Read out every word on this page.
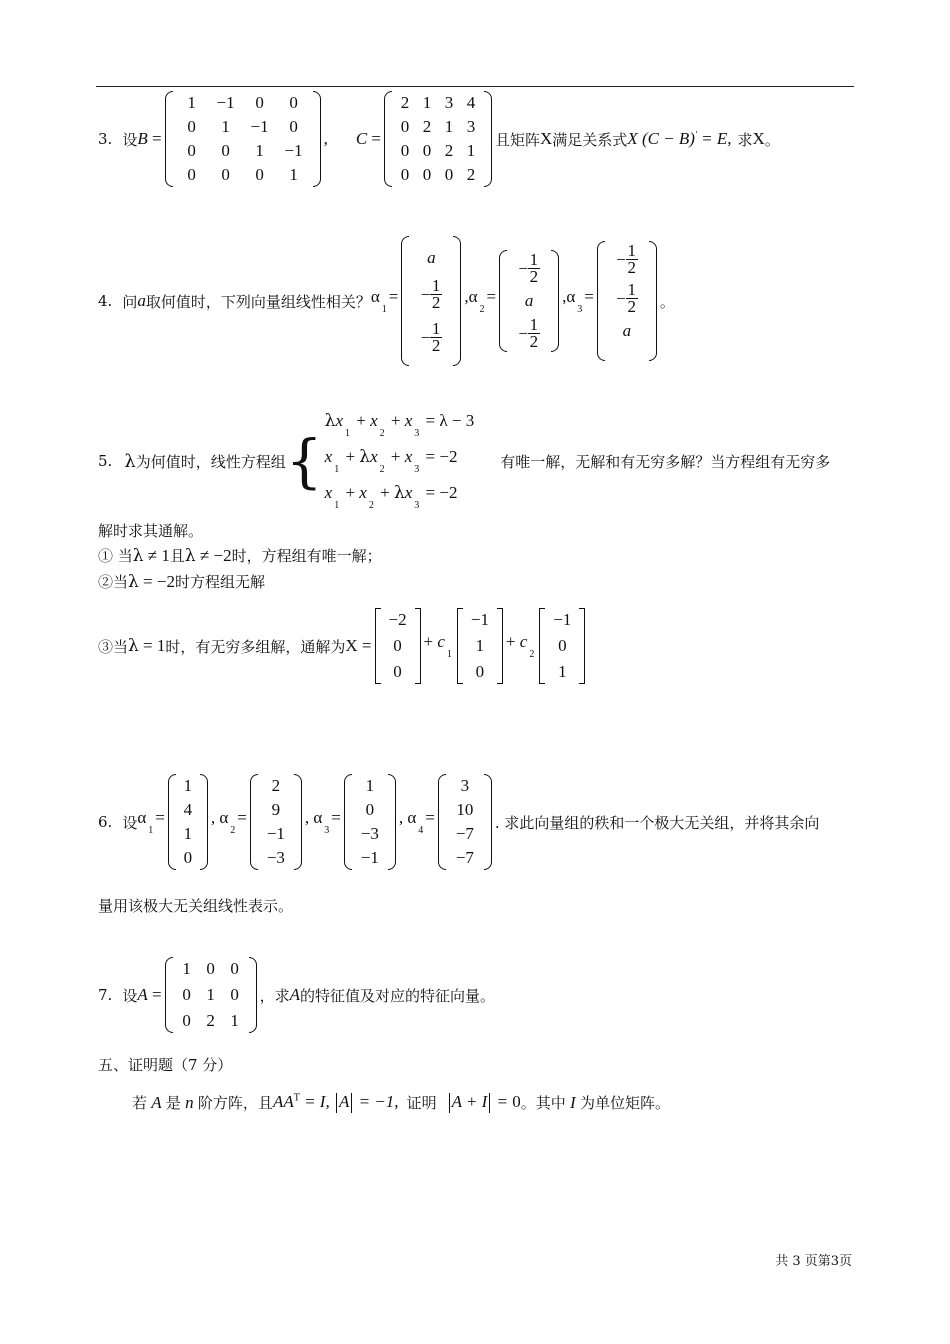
3. 设 B =
1	−1	0	0
0	1	−1	0
0	0	1	−1
0	0	0	1
, C =
2 1 3 4
0 2 1 3
0 0 2 1
0 0 0 2
且矩阵 X 满足关系式 X (C − B)' = E, 求 X 。
4. 问 a 取何值时，下列向量组线性相关？ $\alpha_1=$
a
− $\frac{1}{2}$
− $\frac{1}{2}$
$,\alpha_2=$
− $\frac{1}{2}$
a
− $\frac{1}{2}$
$,\alpha_3=$
− $\frac{1}{2}$
− $\frac{1}{2}$
a
。
5. λ 为何值时，线性方程组 {
$\lambda x_1 + x_2 + x_3 = \lambda - 3$
$x_1 + \lambda x_2 + x_3 = -2$
$x_1 + x_2 + \lambda x_3 = -2$
有唯一解，无解和有无穷多解？当方程组有无穷多
解时求其通解。
① 当 λ ≠ 1 且 λ ≠ −2 时，方程组有唯一解；
②当 λ = −2 时方程组无解
③当 λ = 1 时，有无穷多组解，通解为 X =
−2
0
0
+ $c_1$
−1
1
0
+ $c_2$
−1
0
1
6. 设 $\alpha_1=$
1
4
1
0
, $\alpha_2=$
2
9
−1
−3
, $\alpha_3=$
1
0
−3
−1
, $\alpha_4=$
3
10
−7
−7
. 求此向量组的秩和一个极大无关组，并将其余向
量用该极大无关组线性表示。
7. 设 A =
1 0 0
0 1 0
0 2 1
，求 A 的特征值及对应的特征向量。
五、证明题（7 分）
若 A 是 n 阶方阵，且 $AA^T = I$, A = −1, 证明 A + I = 0 。其中 I 为单位矩阵。
共 3 页第3页
